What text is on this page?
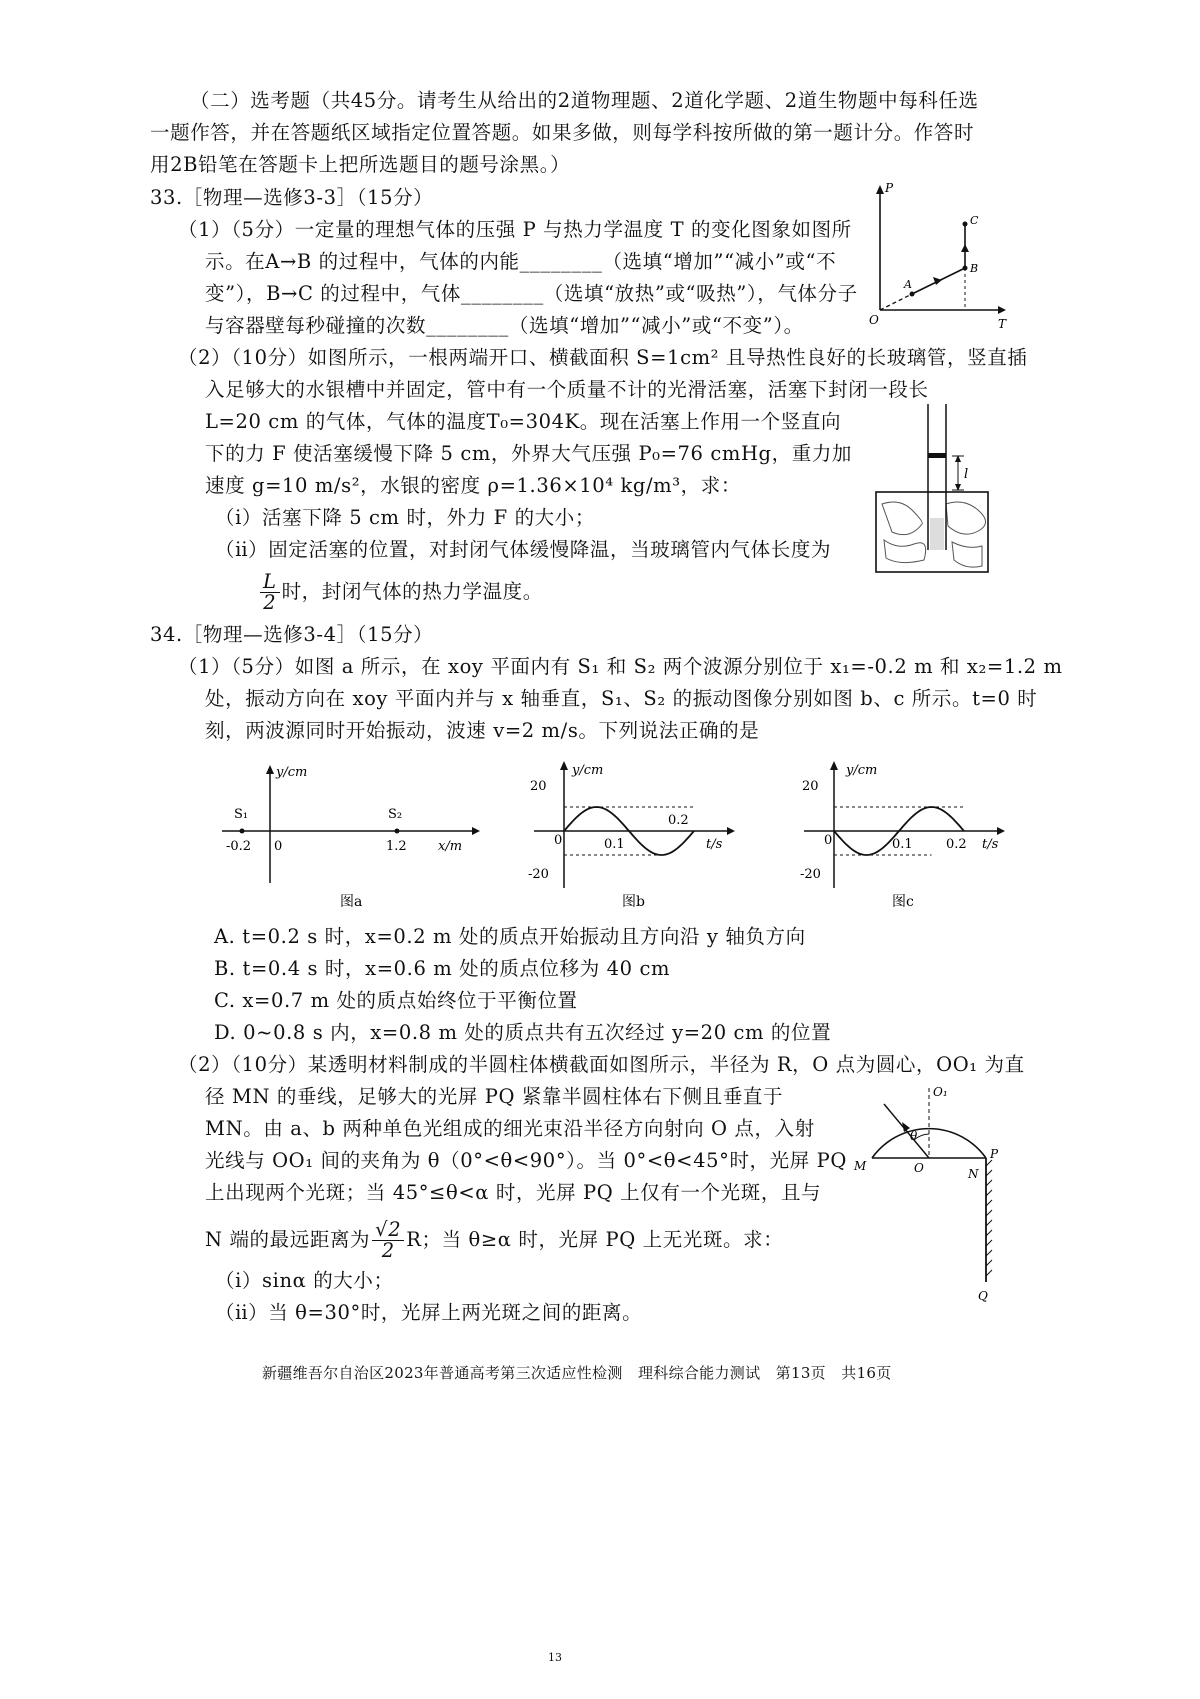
（二）选考题（共45分。请考生从给出的2道物理题、2道化学题、2道生物题中每科任选
一题作答，并在答题纸区域指定位置答题。如果多做，则每学科按所做的第一题计分。作答时
用2B铅笔在答题卡上把所选题目的题号涂黑。）
33.［物理—选修3-3］（15分）
（1）（5分）一定量的理想气体的压强 P 与热力学温度 T 的变化图象如图所
示。在A→B 的过程中，气体的内能________（选填“增加”“减小”或“不
变”），B→C 的过程中，气体________（选填“放热”或“吸热”），气体分子
与容器壁每秒碰撞的次数________（选填“增加”“减小”或“不变”）。
P
T
O
A
B
C
（2）（10分）如图所示，一根两端开口、横截面积 S=1cm² 且导热性良好的长玻璃管，竖直插
入足够大的水银槽中并固定，管中有一个质量不计的光滑活塞，活塞下封闭一段长
L=20 cm 的气体，气体的温度T₀=304K。现在活塞上作用一个竖直向
下的力 F 使活塞缓慢下降 5 cm，外界大气压强 P₀=76 cmHg，重力加
速度 g=10 m/s²，水银的密度 ρ=1.36×10⁴ kg/m³，求：
（ⅰ）活塞下降 5 cm 时，外力 F 的大小；
（ⅱ）固定活塞的位置，对封闭气体缓慢降温，当玻璃管内气体长度为
$\frac{L}{2}$ 时，封闭气体的热力学温度。
l
34.［物理—选修3-4］（15分）
（1）（5分）如图 a 所示，在 xoy 平面内有 S₁ 和 S₂ 两个波源分别位于 x₁=-0.2 m 和 x₂=1.2 m
处，振动方向在 xoy 平面内并与 x 轴垂直，S₁、S₂ 的振动图像分别如图 b、c 所示。t=0 时
刻，两波源同时开始振动，波速 v=2 m/s。下列说法正确的是
y/cm
S₁	S₂
-0.2 0	1.2 x/m
图a
20
-20
0	0.1
0.2
y/cm
t/s
图b
20
-20
0	0.1	0.2
y/cm
t/s
图c
A. t=0.2 s 时，x=0.2 m 处的质点开始振动且方向沿 y 轴负方向
B. t=0.4 s 时，x=0.6 m 处的质点位移为 40 cm
C. x=0.7 m 处的质点始终位于平衡位置
D. 0~0.8 s 内，x=0.8 m 处的质点共有五次经过 y=20 cm 的位置
（2）（10分）某透明材料制成的半圆柱体横截面如图所示，半径为 R，O 点为圆心，OO₁ 为直
径 MN 的垂线，足够大的光屏 PQ 紧靠半圆柱体右下侧且垂直于
MN。由 a、b 两种单色光组成的细光束沿半径方向射向 O 点，入射
光线与 OO₁ 间的夹角为 θ（0°<θ<90°）。当 0°<θ<45°时，光屏 PQ
上出现两个光斑；当 45°≤θ<α 时，光屏 PQ 上仅有一个光斑，且与
N 端的最远距离为 $\frac{√2}{2}$ R；当 θ≥α 时，光屏 PQ 上无光斑。求：
（ⅰ）sinα 的大小；
（ⅱ）当 θ=30°时，光屏上两光斑之间的距离。
O₁
O
M
N
P
Q
θ
新疆维吾尔自治区2023年普通高考第三次适应性检测　理科综合能力测试　第13页　共16页
13
